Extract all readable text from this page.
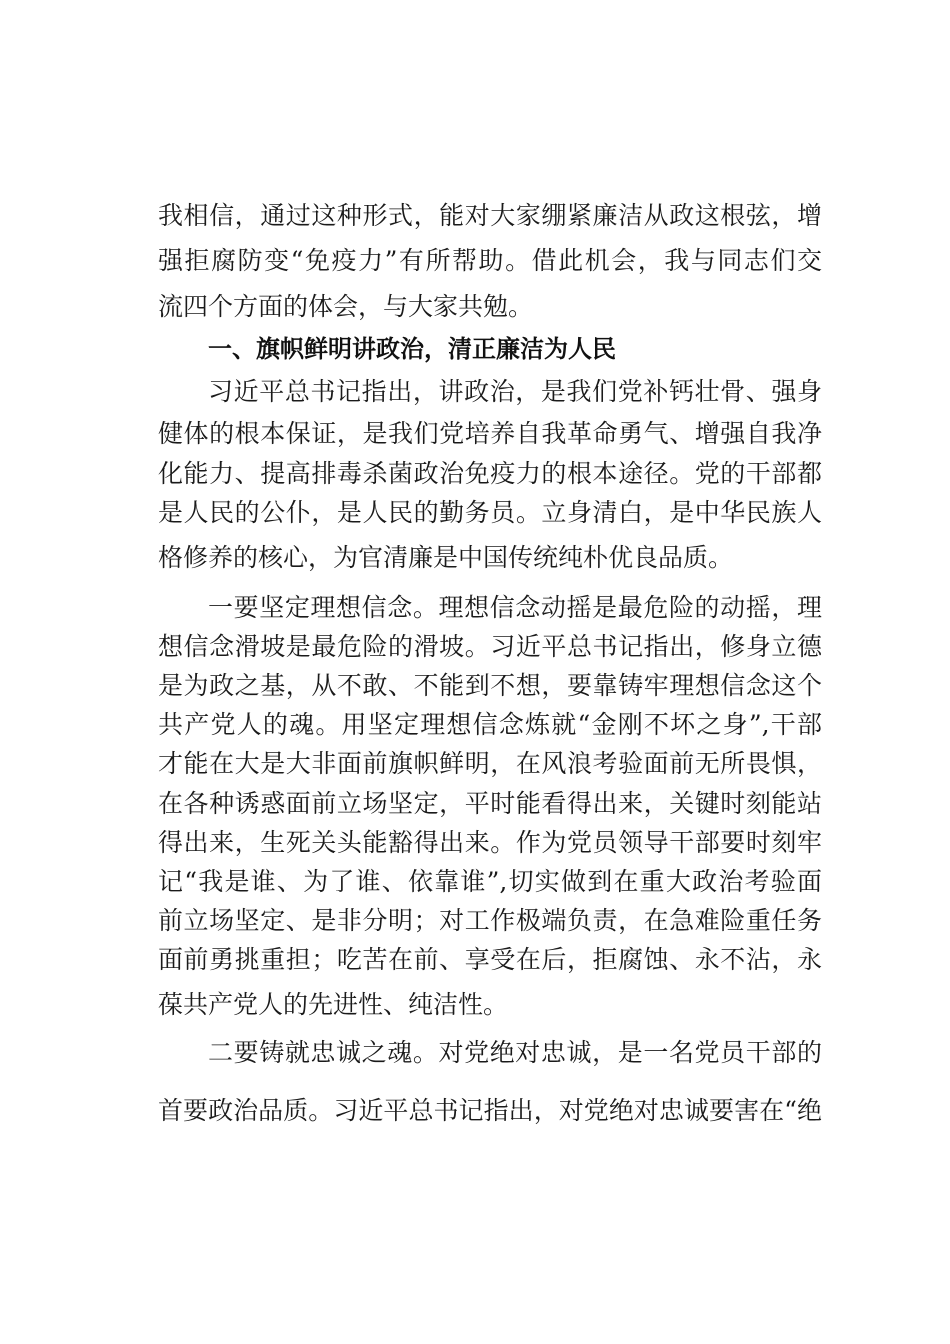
我相信，通过这种形式，能对大家绷紧廉洁从政这根弦，增
强拒腐防变“免疫力”有所帮助。借此机会，我与同志们交
流四个方面的体会，与大家共勉。
一、旗帜鲜明讲政治，清正廉洁为人民
习近平总书记指出，讲政治，是我们党补钙壮骨、强身
健体的根本保证，是我们党培养自我革命勇气、增强自我净
化能力、提高排毒杀菌政治免疫力的根本途径。党的干部都
是人民的公仆，是人民的勤务员。立身清白，是中华民族人
格修养的核心，为官清廉是中国传统纯朴优良品质。
一要坚定理想信念。理想信念动摇是最危险的动摇，理
想信念滑坡是最危险的滑坡。习近平总书记指出，修身立德
是为政之基，从不敢、不能到不想，要靠铸牢理想信念这个
共产党人的魂。用坚定理想信念炼就“金刚不坏之身”,干部
才能在大是大非面前旗帜鲜明，在风浪考验面前无所畏惧，
在各种诱惑面前立场坚定，平时能看得出来，关键时刻能站
得出来，生死关头能豁得出来。作为党员领导干部要时刻牢
记“我是谁、为了谁、依靠谁”,切实做到在重大政治考验面
前立场坚定、是非分明；对工作极端负责，在急难险重任务
面前勇挑重担；吃苦在前、享受在后，拒腐蚀、永不沾，永
葆共产党人的先进性、纯洁性。
二要铸就忠诚之魂。对党绝对忠诚，是一名党员干部的
首要政治品质。习近平总书记指出，对党绝对忠诚要害在“绝
